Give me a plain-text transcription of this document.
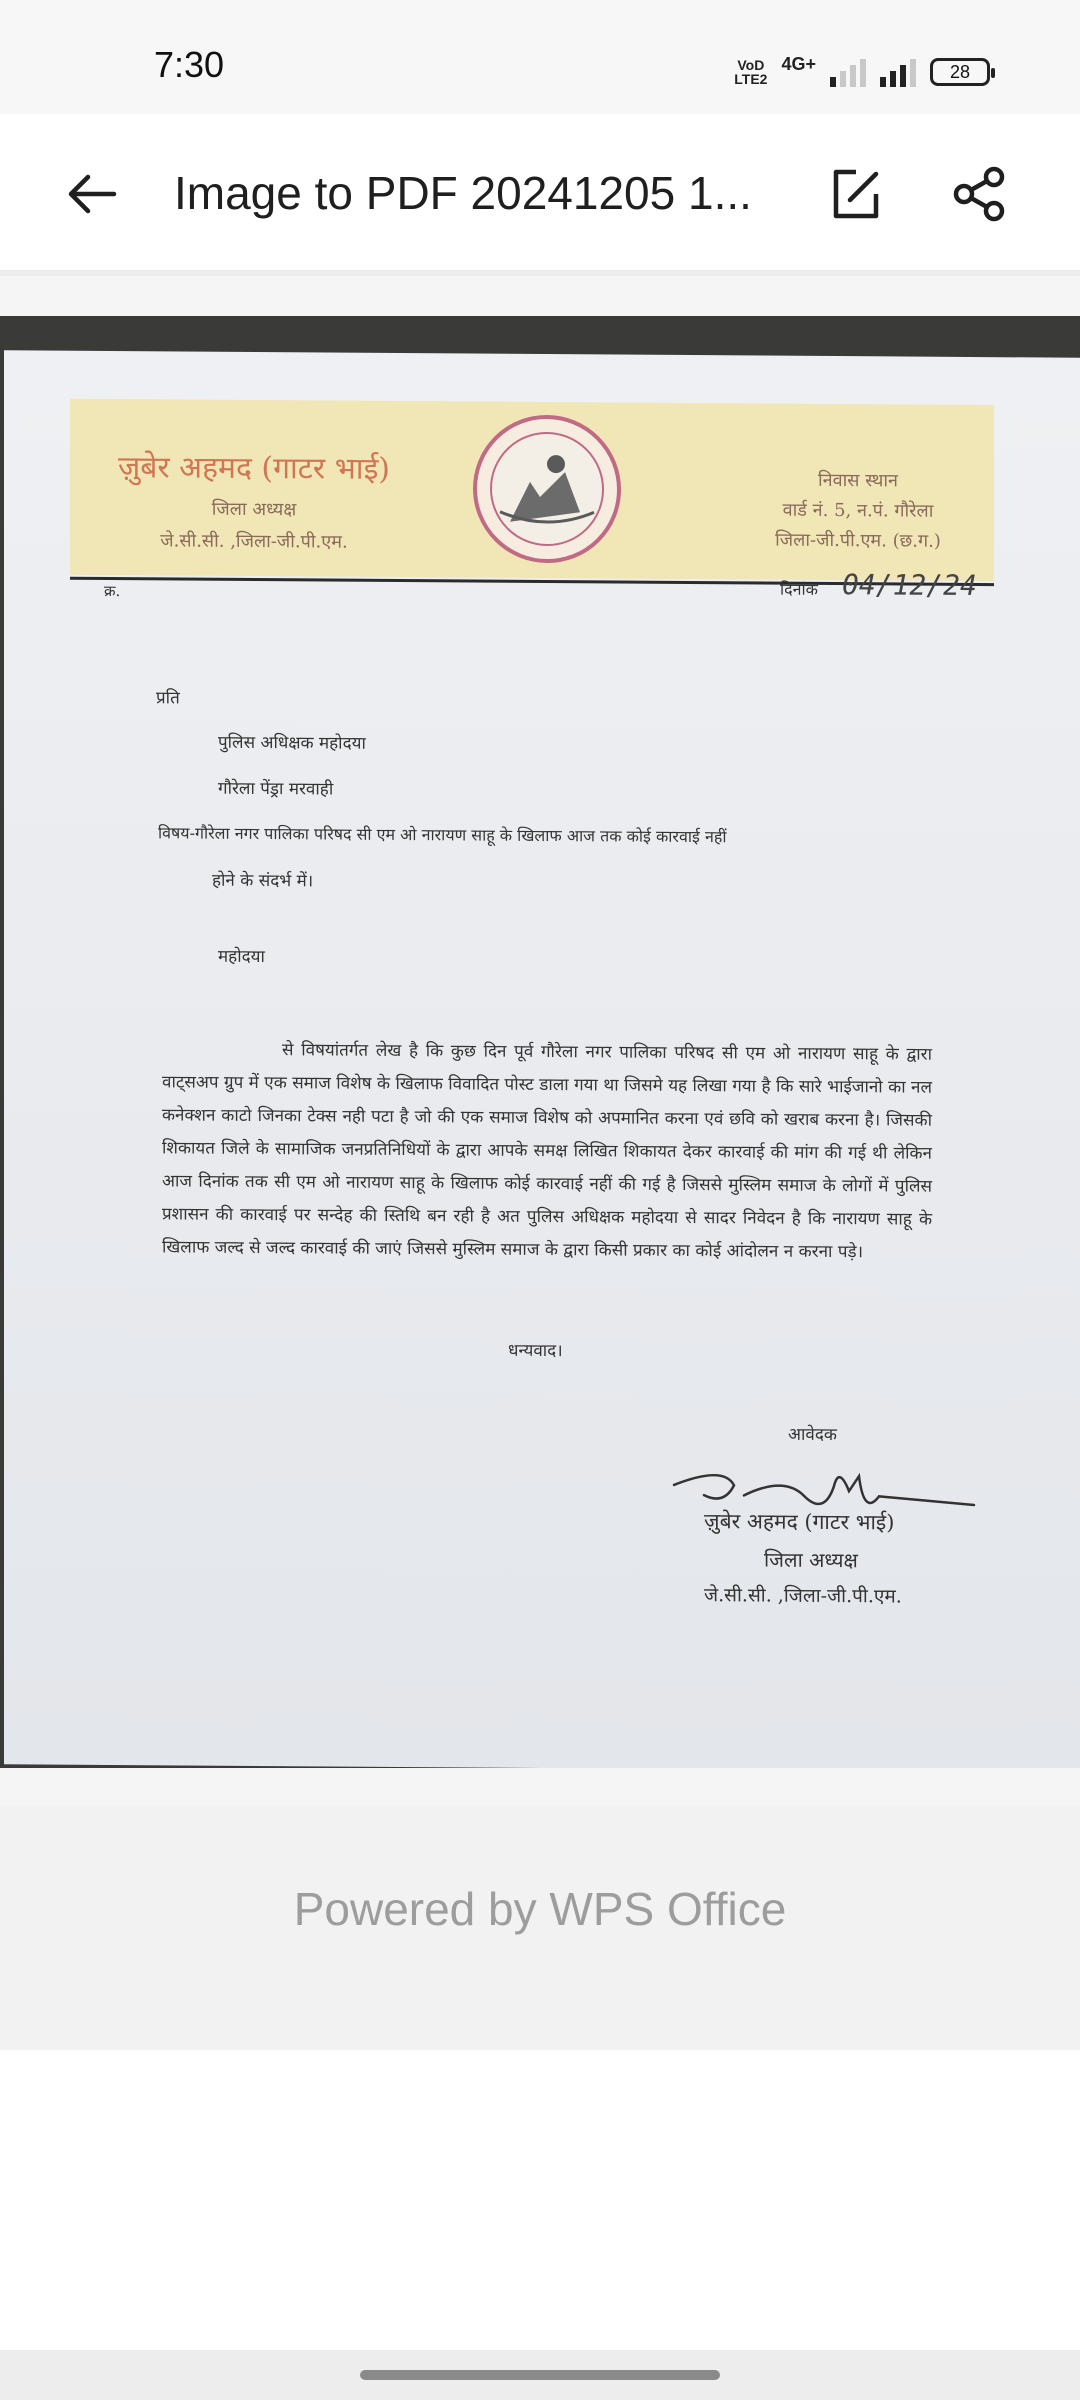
7:30	VoD
LTE2
4G+	28
Image to PDF 20241205 1...
ज़ुबेर अहमद (गाटर भाई)
जिला अध्यक्ष
जे.सी.सी. ,जिला-जी.पी.एम.
निवास स्थान
वार्ड नं. 5, न.पं. गौरेला
जिला-जी.पी.एम. (छ.ग.)
क्र.	दिनांक 04/12/24
प्रति
पुलिस अधिक्षक महोदया
गौरेला पेंड्रा मरवाही
विषय-गौरेला नगर पालिका परिषद सी एम ओ नारायण साहू के खिलाफ आज तक कोई कारवाई नहीं
होने के संदर्भ में।
महोदया
से विषयांतर्गत लेख है कि कुछ दिन पूर्व गौरेला नगर पालिका परिषद सी एम ओ नारायण साहू के द्वारा वाट्सअप ग्रुप में एक समाज विशेष के खिलाफ विवादित पोस्ट डाला गया था जिसमे यह लिखा गया है कि सारे भाईजानो का नल कनेक्शन काटो जिनका टेक्स नही पटा है जो की एक समाज विशेष को अपमानित करना एवं छवि को खराब करना है। जिसकी शिकायत जिले के सामाजिक जनप्रतिनिधियों के द्वारा आपके समक्ष लिखित शिकायत देकर कारवाई की मांग की गई थी लेकिन आज दिनांक तक सी एम ओ नारायण साहू के खिलाफ कोई कारवाई नहीं की गई है जिससे मुस्लिम समाज के लोगों में पुलिस प्रशासन की कारवाई पर सन्देह की स्तिथि बन रही है अत पुलिस अधिक्षक महोदया से सादर निवेदन है कि नारायण साहू के खिलाफ जल्द से जल्द कारवाई की जाएं जिससे मुस्लिम समाज के द्वारा किसी प्रकार का कोई आंदोलन न करना पड़े।
धन्यवाद।
आवेदक
ज़ुबेर अहमद (गाटर भाई)
जिला अध्यक्ष
जे.सी.सी. ,जिला-जी.पी.एम.
Powered by WPS Office
